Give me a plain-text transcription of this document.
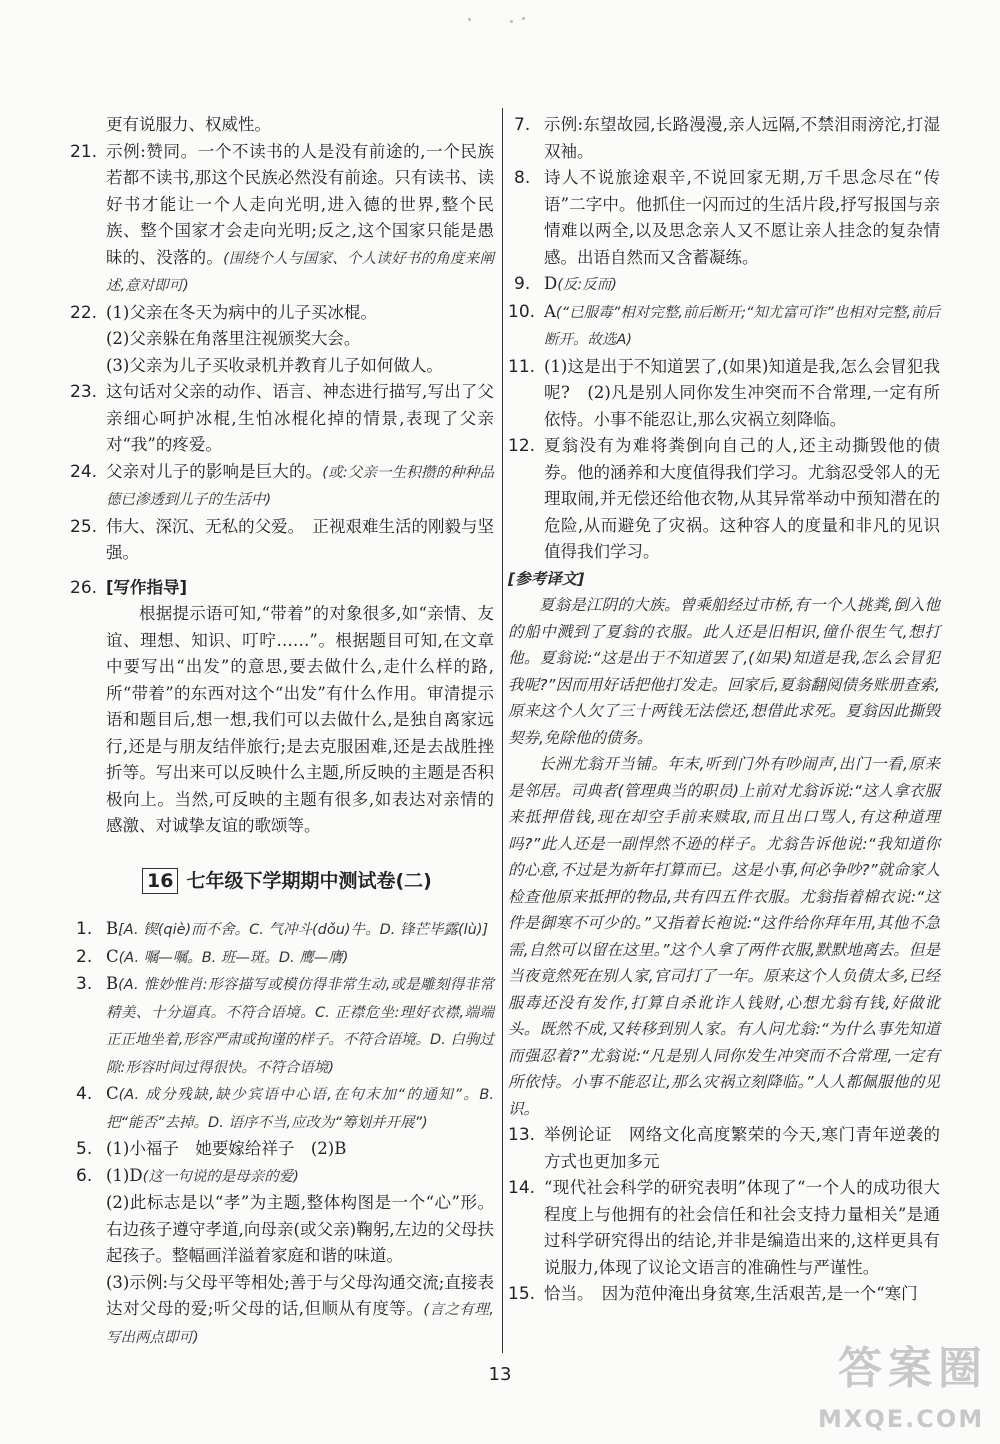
更有说服力、权威性。

21. 示例:赞同。一个不读书的人是没有前途的,一个民族若都不读书,那这个民族必然没有前途。只有读书、读好书才能让一个人走向光明,进入德的世界,整个民族、整个国家才会走向光明;反之,这个国家只能是愚昧的、没落的。(围绕个人与国家、个人读好书的角度来阐述,意对即可)

22. (1)父亲在冬天为病中的儿子买冰棍。

(2)父亲躲在角落里注视颁奖大会。

(3)父亲为儿子买收录机并教育儿子如何做人。

23. 这句话对父亲的动作、语言、神态进行描写,写出了父亲细心呵护冰棍,生怕冰棍化掉的情景,表现了父亲对“我”的疼爱。

24. 父亲对儿子的影响是巨大的。(或:父亲一生积攒的种种品德已渗透到儿子的生活中)

25. 伟大、深沉、无私的父爱。　正视艰难生活的刚毅与坚强。

26. [写作指导]

根据提示语可知,“带着”的对象很多,如“亲情、友谊、理想、知识、叮咛……”。根据题目可知,在文章中要写出“出发”的意思,要去做什么,走什么样的路,所“带着”的东西对这个“出发”有什么作用。审清提示语和题目后,想一想,我们可以去做什么,是独自离家远行,还是与朋友结伴旅行;是去克服困难,还是去战胜挫折等。写出来可以反映什么主题,所反映的主题是否积极向上。当然,可反映的主题有很多,如表达对亲情的感激、对诚挚友谊的歌颂等。

16 七年级下学期期中测试卷(二)
1. B[A. 锲(qiè)而不舍。C. 气冲斗(dǒu)牛。D. 锋芒毕露(lù)]

2. C(A. 嘱—嘱。B. 班—斑。D. 鹰—膺)

3. B(A. 惟妙惟肖:形容描写或模仿得非常生动,或是雕刻得非常精美、十分逼真。不符合语境。C. 正襟危坐:理好衣襟,端端正正地坐着,形容严肃或拘谨的样子。不符合语境。D. 白驹过隙:形容时间过得很快。不符合语境)

4. C(A. 成分残缺,缺少宾语中心语,在句末加“的通知”。B. 把“能否”去掉。D. 语序不当,应改为“筹划并开展”)

5. (1)小福子　她要嫁给祥子　(2)B

6. (1)D(这一句说的是母亲的爱)

(2)此标志是以“孝”为主题,整体构图是一个“心”形。右边孩子遵守孝道,向母亲(或父亲)鞠躬,左边的父母扶起孩子。整幅画洋溢着家庭和谐的味道。

(3)示例:与父母平等相处;善于与父母沟通交流;直接表达对父母的爱;听父母的话,但顺从有度等。(言之有理,写出两点即可)

7. 示例:东望故园,长路漫漫,亲人远隔,不禁泪雨滂沱,打湿双袖。

8. 诗人不说旅途艰辛,不说回家无期,万千思念尽在“传语”二字中。他抓住一闪而过的生活片段,抒写报国与亲情难以两全,以及思念亲人又不愿让亲人挂念的复杂情感。出语自然而又含蓄凝练。

9. D(反:反而)

10. A(“已服毒”相对完整,前后断开;“知尤富可诈”也相对完整,前后断开。故选A)

11. (1)这是出于不知道罢了,(如果)知道是我,怎么会冒犯我呢?　(2)凡是别人同你发生冲突而不合常理,一定有所依恃。小事不能忍让,那么灾祸立刻降临。

12. 夏翁没有为难将粪倒向自己的人,还主动撕毁他的债券。他的涵养和大度值得我们学习。尤翁忍受邻人的无理取闹,并无偿还给他衣物,从其异常举动中预知潜在的危险,从而避免了灾祸。这种容人的度量和非凡的见识值得我们学习。

[参考译文]

夏翁是江阴的大族。曾乘船经过市桥,有一个人挑粪,倒入他的船中溅到了夏翁的衣服。此人还是旧相识,僮仆很生气,想打他。夏翁说:“这是出于不知道罢了,(如果)知道是我,怎么会冒犯我呢?”因而用好话把他打发走。回家后,夏翁翻阅债务账册查索,原来这个人欠了三十两钱无法偿还,想借此求死。夏翁因此撕毁契券,免除他的债务。

长洲尤翁开当铺。年末,听到门外有吵闹声,出门一看,原来是邻居。司典者(管理典当的职员)上前对尤翁诉说:“这人拿衣服来抵押借钱,现在却空手前来赎取,而且出口骂人,有这种道理吗?”此人还是一副悍然不逊的样子。尤翁告诉他说:“我知道你的心意,不过是为新年打算而已。这是小事,何必争吵?”就命家人检查他原来抵押的物品,共有四五件衣服。尤翁指着棉衣说:“这件是御寒不可少的。”又指着长袍说:“这件给你拜年用,其他不急需,自然可以留在这里。”这个人拿了两件衣服,默默地离去。但是当夜竟然死在别人家,官司打了一年。原来这个人负债太多,已经服毒还没有发作,打算自杀讹诈人钱财,心想尤翁有钱,好做讹头。既然不成,又转移到别人家。有人问尤翁:“为什么事先知道而强忍着?”尤翁说:“凡是别人同你发生冲突而不合常理,一定有所依恃。小事不能忍让,那么灾祸立刻降临。”人人都佩服他的见识。

13. 举例论证　网络文化高度繁荣的今天,寒门青年逆袭的方式也更加多元

14. “现代社会科学的研究表明”体现了“一个人的成功很大程度上与他拥有的社会信任和社会支持力量相关”是通过科学研究得出的结论,并非是编造出来的,这样更具有说服力,体现了议论文语言的准确性与严谨性。

15. 恰当。　因为范仲淹出身贫寒,生活艰苦,是一个“寒门

13	答案圈
MXQE.COM
